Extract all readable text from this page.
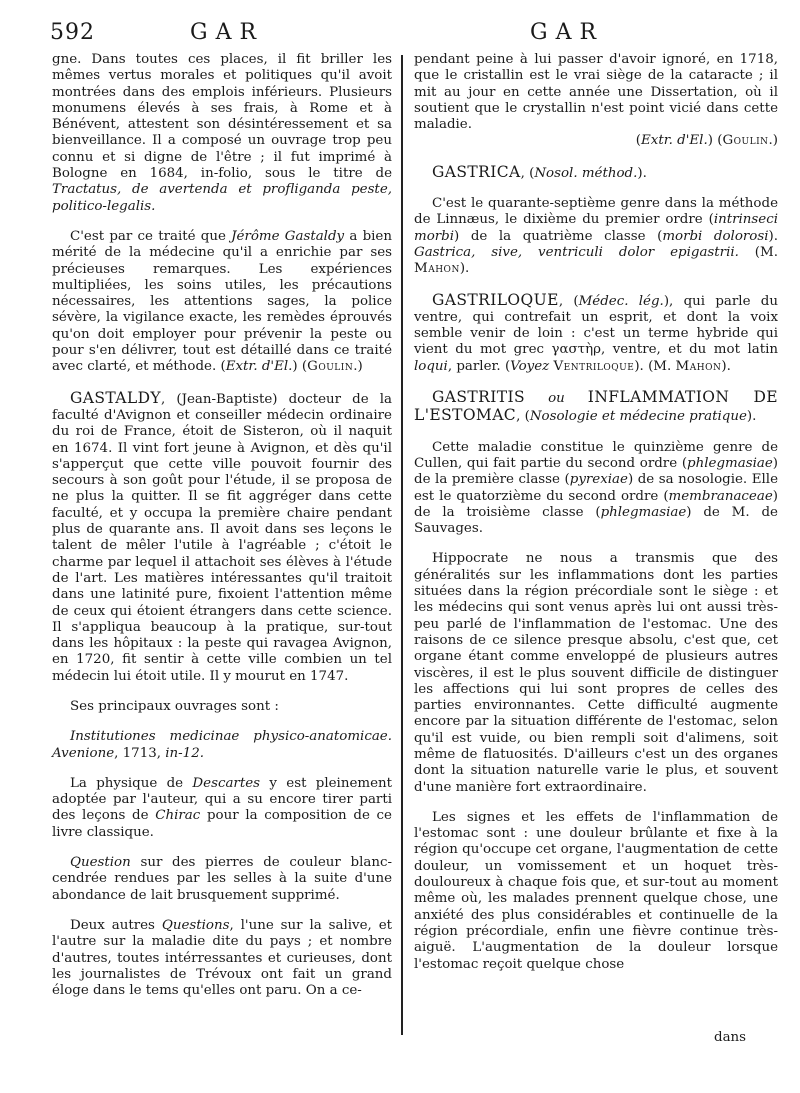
592	GAR	GAR

gne. Dans toutes ces places, il fit briller les mêmes vertus morales et politiques qu'il avoit montrées dans des emplois inférieurs. Plusieurs monumens élevés à ses frais, à Rome et à Bénévent, attestent son désintéressement et sa bienveillance. Il a composé un ouvrage trop peu connu et si digne de l'être ; il fut imprimé à Bologne en 1684, in-folio, sous le titre de Tractatus, de avertenda et profliganda peste, politico-legalis.

C'est par ce traité que Jérôme Gastaldy a bien mérité de la médecine qu'il a enrichie par ses précieuses remarques. Les expériences multipliées, les soins utiles, les précautions nécessaires, les attentions sages, la police sévère, la vigilance exacte, les remèdes éprouvés qu'on doit employer pour prévenir la peste ou pour s'en délivrer, tout est détaillé dans ce traité avec clarté, et méthode. (Extr. d'El.) (Goulin.)

GASTALDY, (Jean-Baptiste) docteur de la faculté d'Avignon et conseiller médecin ordinaire du roi de France, étoit de Sisteron, où il naquit en 1674. Il vint fort jeune à Avignon, et dès qu'il s'apperçut que cette ville pouvoit fournir des secours à son goût pour l'étude, il se proposa de ne plus la quitter. Il se fit aggréger dans cette faculté, et y occupa la première chaire pendant plus de quarante ans. Il avoit dans ses leçons le talent de mêler l'utile à l'agréable ; c'étoit le charme par lequel il attachoit ses élèves à l'étude de l'art. Les matières intéressantes qu'il traitoit dans une latinité pure, fixoient l'attention même de ceux qui étoient étrangers dans cette science. Il s'appliqua beaucoup à la pratique, sur-tout dans les hôpitaux : la peste qui ravagea Avignon, en 1720, fit sentir à cette ville combien un tel médecin lui étoit utile. Il y mourut en 1747.

Ses principaux ouvrages sont :

Institutiones medicinae physico-anatomicae. Avenione, 1713, in-12.

La physique de Descartes y est pleinement adoptée par l'auteur, qui a su encore tirer parti des leçons de Chirac pour la composition de ce livre classique.

Question sur des pierres de couleur blanc-cendrée rendues par les selles à la suite d'une abondance de lait brusquement supprimé.

Deux autres Questions, l'une sur la salive, et l'autre sur la maladie dite du pays ; et nombre d'autres, toutes intérressantes et curieuses, dont les journalistes de Trévoux ont fait un grand éloge dans le tems qu'elles ont paru. On a ce-

pendant peine à lui passer d'avoir ignoré, en 1718, que le cristallin est le vrai siège de la cataracte ; il mit au jour en cette année une Dissertation, où il soutient que le crystallin n'est point vicié dans cette maladie.
(Extr. d'El.) (Goulin.)

GASTRICA, (Nosol. méthod.).

C'est le quarante-septième genre dans la méthode de Linnæus, le dixième du premier ordre (intrinseci morbi) de la quatrième classe (morbi dolorosi). Gastrica, sive, ventriculi dolor epigastrii. (M. Mahon).

GASTRILOQUE, (Médec. lég.), qui parle du ventre, qui contrefait un esprit, et dont la voix semble venir de loin : c'est un terme hybride qui vient du mot grec γαστὴρ, ventre, et du mot latin loqui, parler. (Voyez Ventriloque). (M. Mahon).

GASTRITIS ou INFLAMMATION DE L'ESTOMAC, (Nosologie et médecine pratique).

Cette maladie constitue le quinzième genre de Cullen, qui fait partie du second ordre (phlegmasiae) de la première classe (pyrexiae) de sa nosologie. Elle est le quatorzième du second ordre (membranaceae) de la troisième classe (phlegmasiae) de M. de Sauvages.

Hippocrate ne nous a transmis que des généralités sur les inflammations dont les parties situées dans la région précordiale sont le siège : et les médecins qui sont venus après lui ont aussi très-peu parlé de l'inflammation de l'estomac. Une des raisons de ce silence presque absolu, c'est que, cet organe étant comme enveloppé de plusieurs autres viscères, il est le plus souvent difficile de distinguer les affections qui lui sont propres de celles des parties environnantes. Cette difficulté augmente encore par la situation différente de l'estomac, selon qu'il est vuide, ou bien rempli soit d'alimens, soit même de flatuosités. D'ailleurs c'est un des organes dont la situation naturelle varie le plus, et souvent d'une manière fort extraordinaire.

Les signes et les effets de l'inflammation de l'estomac sont : une douleur brûlante et fixe à la région qu'occupe cet organe, l'augmentation de cette douleur, un vomissement et un hoquet très-douloureux à chaque fois que, et sur-tout au moment même où, les malades prennent quelque chose, une anxiété des plus considérables et continuelle de la région précordiale, enfin une fièvre continue très-aiguë. L'augmentation de la douleur lorsque l'estomac reçoit quelque chose

dans
